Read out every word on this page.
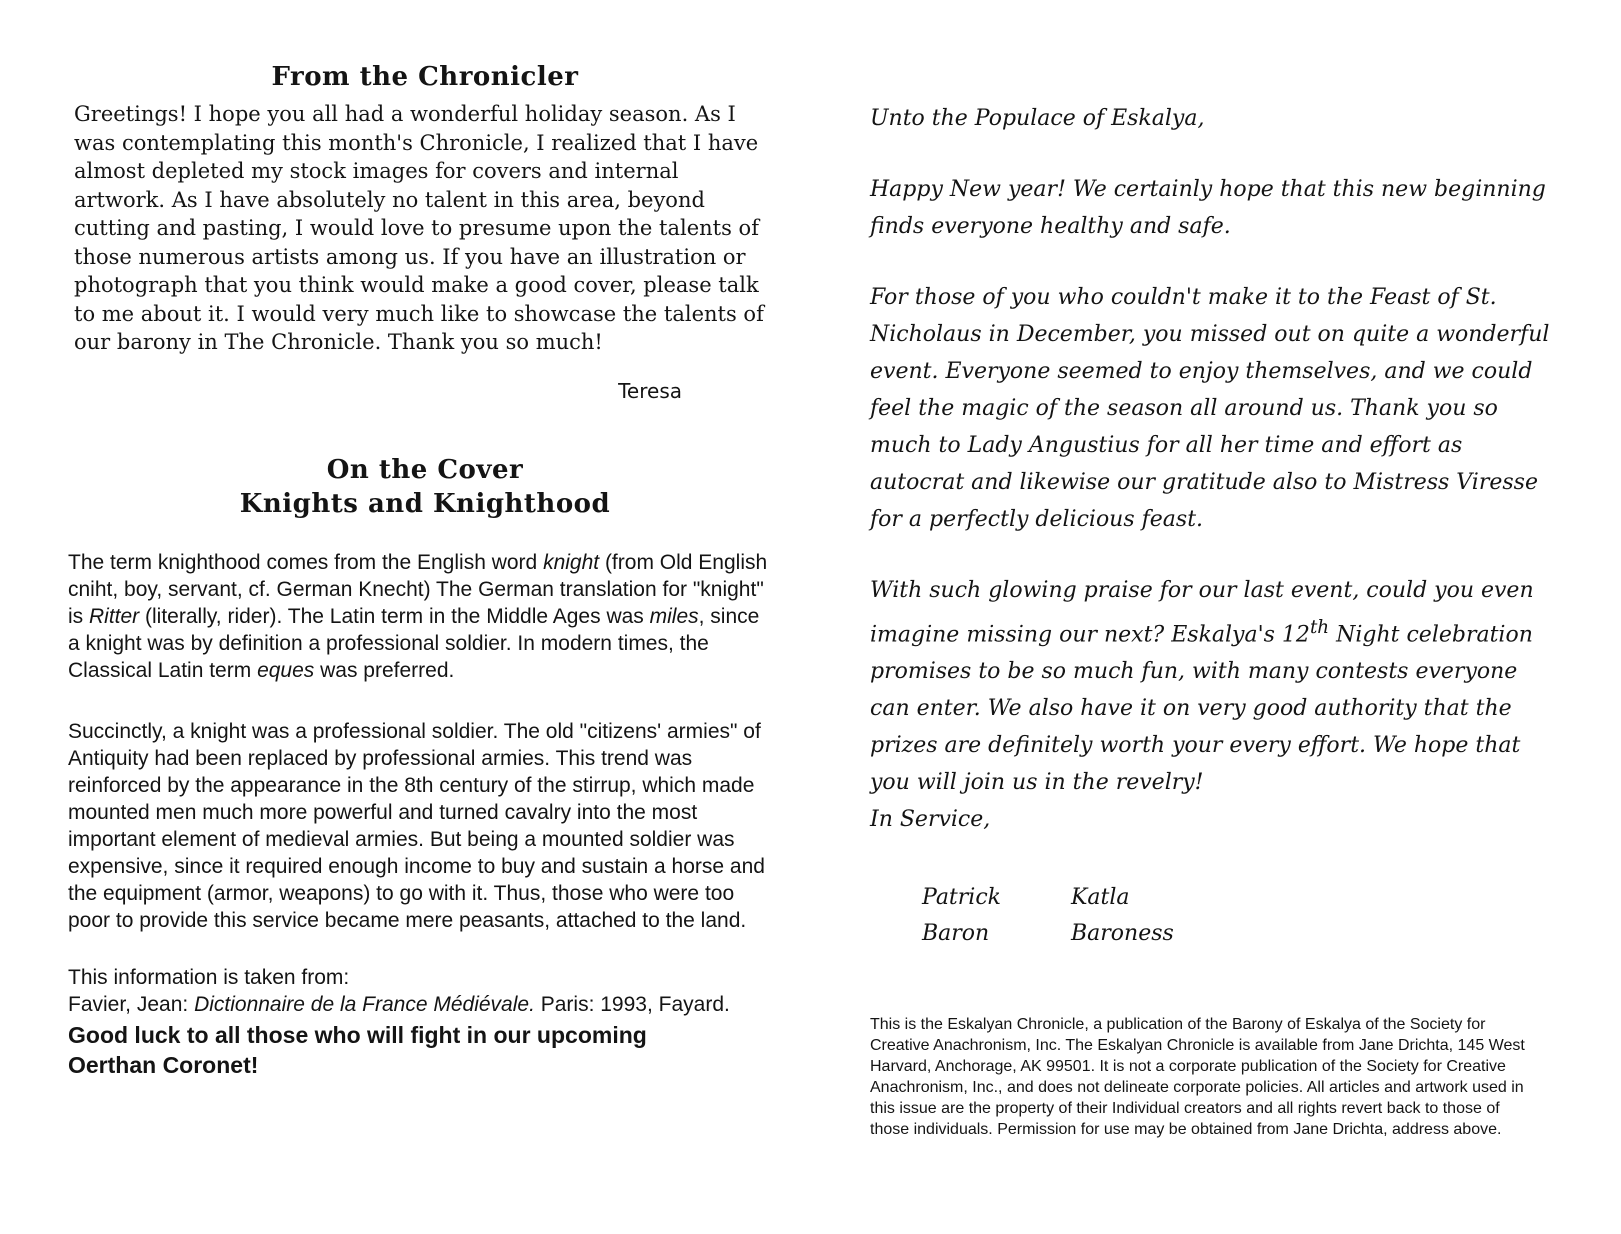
From the Chronicler
Greetings! I hope you all had a wonderful holiday season. As I was contemplating this month's Chronicle, I realized that I have almost depleted my stock images for covers and internal artwork. As I have absolutely no talent in this area, beyond cutting and pasting, I would love to presume upon the talents of those numerous artists among us. If you have an illustration or photograph that you think would make a good cover, please talk to me about it. I would very much like to showcase the talents of our barony in The Chronicle. Thank you so much!
Teresa
On the Cover
Knights and Knighthood

The term knighthood comes from the English word knight (from Old English cniht, boy, servant, cf. German Knecht) The German translation for "knight" is Ritter (literally, rider). The Latin term in the Middle Ages was miles, since a knight was by definition a professional soldier. In modern times, the Classical Latin term eques was preferred.

Succinctly, a knight was a professional soldier. The old "citizens' armies" of Antiquity had been replaced by professional armies. This trend was reinforced by the appearance in the 8th century of the stirrup, which made mounted men much more powerful and turned cavalry into the most important element of medieval armies. But being a mounted soldier was expensive, since it required enough income to buy and sustain a horse and the equipment (armor, weapons) to go with it. Thus, those who were too poor to provide this service became mere peasants, attached to the land.

This information is taken from:

Favier, Jean: Dictionnaire de la France Médiévale. Paris: 1993, Fayard.

Good luck to all those who will fight in our upcoming Oerthan Coronet!

Unto the Populace of Eskalya,

Happy New year! We certainly hope that this new beginning finds everyone healthy and safe.

For those of you who couldn't make it to the Feast of St. Nicholaus in December, you missed out on quite a wonderful event. Everyone seemed to enjoy themselves, and we could feel the magic of the season all around us. Thank you so much to Lady Angustius for all her time and effort as autocrat and likewise our gratitude also to Mistress Viresse for a perfectly delicious feast.

With such glowing praise for our last event, could you even imagine missing our next? Eskalya's 12th Night celebration promises to be so much fun, with many contests everyone can enter. We also have it on very good authority that the prizes are definitely worth your every effort. We hope that you will join us in the revelry!

In Service,

Patrick
Baron
Katla
Baroness
This is the Eskalyan Chronicle, a publication of the Barony of Eskalya of the Society for Creative Anachronism, Inc. The Eskalyan Chronicle is available from Jane Drichta, 145 West Harvard, Anchorage, AK 99501. It is not a corporate publication of the Society for Creative Anachronism, Inc., and does not delineate corporate policies. All articles and artwork used in this issue are the property of their Individual creators and all rights revert back to those of those individuals. Permission for use may be obtained from Jane Drichta, address above.
